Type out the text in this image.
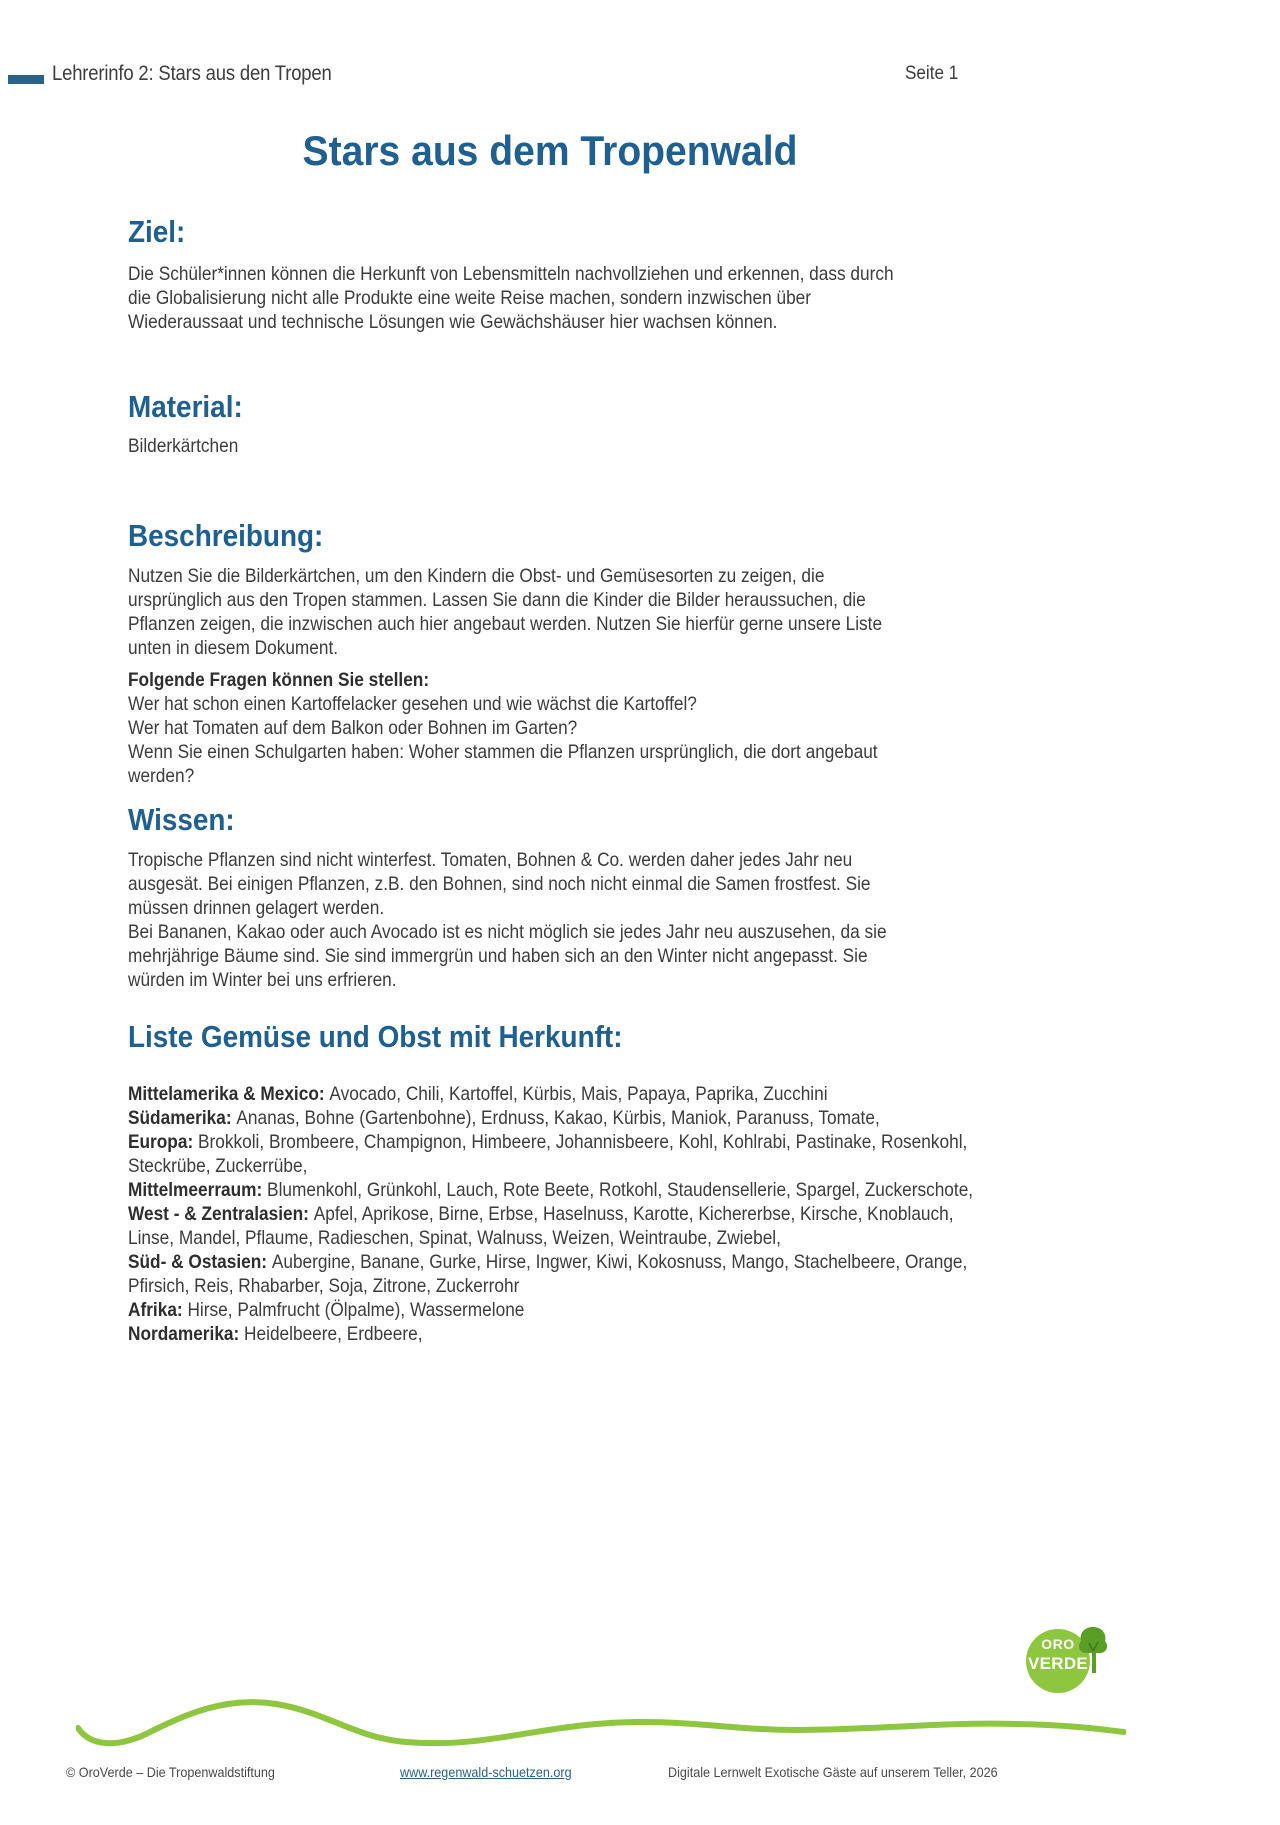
Lehrerinfo 2: Stars aus den Tropen	Seite 1
Stars aus dem Tropenwald
Ziel:
Die Schüler*innen können die Herkunft von Lebensmitteln nachvollziehen und erkennen, dass durch
die Globalisierung nicht alle Produkte eine weite Reise machen, sondern inzwischen über
Wiederaussaat und technische Lösungen wie Gewächshäuser hier wachsen können.
Material:
Bilderkärtchen
Beschreibung:
Nutzen Sie die Bilderkärtchen, um den Kindern die Obst- und Gemüsesorten zu zeigen, die
ursprünglich aus den Tropen stammen. Lassen Sie dann die Kinder die Bilder heraussuchen, die
Pflanzen zeigen, die inzwischen auch hier angebaut werden. Nutzen Sie hierfür gerne unsere Liste
unten in diesem Dokument.
Folgende Fragen können Sie stellen:
Wer hat schon einen Kartoffelacker gesehen und wie wächst die Kartoffel?
Wer hat Tomaten auf dem Balkon oder Bohnen im Garten?
Wenn Sie einen Schulgarten haben: Woher stammen die Pflanzen ursprünglich, die dort angebaut
werden?
Wissen:
Tropische Pflanzen sind nicht winterfest. Tomaten, Bohnen & Co. werden daher jedes Jahr neu
ausgesät. Bei einigen Pflanzen, z.B. den Bohnen, sind noch nicht einmal die Samen frostfest. Sie
müssen drinnen gelagert werden.
Bei Bananen, Kakao oder auch Avocado ist es nicht möglich sie jedes Jahr neu auszusehen, da sie
mehrjährige Bäume sind. Sie sind immergrün und haben sich an den Winter nicht angepasst. Sie
würden im Winter bei uns erfrieren.
Liste Gemüse und Obst mit Herkunft:
Mittelamerika & Mexico: Avocado, Chili, Kartoffel, Kürbis, Mais, Papaya, Paprika, Zucchini
Südamerika: Ananas, Bohne (Gartenbohne), Erdnuss, Kakao, Kürbis, Maniok, Paranuss, Tomate,
Europa: Brokkoli, Brombeere, Champignon, Himbeere, Johannisbeere, Kohl, Kohlrabi, Pastinake, Rosenkohl, Steckrübe, Zuckerrübe,
Mittelmeerraum: Blumenkohl, Grünkohl, Lauch, Rote Beete, Rotkohl, Staudensellerie, Spargel, Zuckerschote,
West - & Zentralasien: Apfel, Aprikose, Birne, Erbse, Haselnuss, Karotte, Kichererbse, Kirsche, Knoblauch, Linse, Mandel, Pflaume, Radieschen, Spinat, Walnuss, Weizen, Weintraube, Zwiebel,
Süd- & Ostasien: Aubergine, Banane, Gurke, Hirse, Ingwer, Kiwi, Kokosnuss, Mango, Stachelbeere, Orange, Pfirsich, Reis, Rhabarber, Soja, Zitrone, Zuckerrohr
Afrika: Hirse, Palmfrucht (Ölpalme), Wassermelone
Nordamerika: Heidelbeere, Erdbeere,
ORO
VERDE
© OroVerde – Die Tropenwaldstiftung	www.regenwald-schuetzen.org	Digitale Lernwelt Exotische Gäste auf unserem Teller, 2026
